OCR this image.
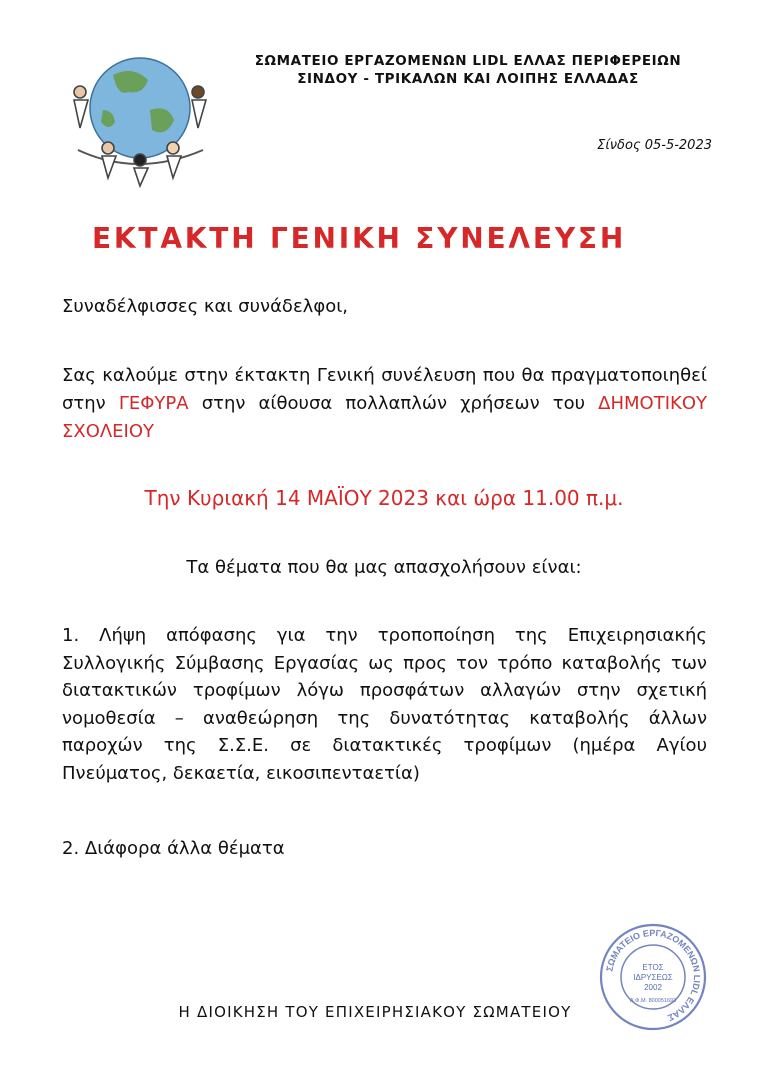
ΣΩΜΑΤΕΙΟ ΕΡΓΑΖΟΜΕΝΩΝ LIDL ΕΛΛΑΣ ΠΕΡΙΦΕΡΕΙΩΝ
ΣΙΝΔΟΥ - ΤΡΙΚΑΛΩΝ ΚΑΙ ΛΟΙΠΗΣ ΕΛΛΑΔΑΣ
Σίνδος 05-5-2023
ΕΚΤΑΚΤΗ ΓΕΝΙΚΗ ΣΥΝΕΛΕΥΣΗ
Συναδέλφισσες και συνάδελφοι,
Σας καλούμε στην έκτακτη Γενική συνέλευση που θα πραγματοποιηθεί στην ΓΕΦΥΡΑ στην αίθουσα πολλαπλών χρήσεων του ΔΗΜΟΤΙΚΟΥ ΣΧΟΛΕΙΟΥ
Την Κυριακή 14 ΜΑΪΟΥ 2023 και ώρα 11.00 π.μ.
Τα θέματα που θα μας απασχολήσουν είναι:
1. Λήψη απόφασης για την τροποποίηση της Επιχειρησιακής Συλλογικής Σύμβασης Εργασίας ως προς τον τρόπο καταβολής των διατακτικών τροφίμων λόγω προσφάτων αλλαγών στην σχετική νομοθεσία – αναθεώρηση της δυνατότητας καταβολής άλλων παροχών της Σ.Σ.Ε. σε διατακτικές τροφίμων (ημέρα Αγίου Πνεύματος, δεκαετία, εικοσιπενταετία)
2. Διάφορα άλλα θέματα
Η ΔΙΟΙΚΗΣΗ ΤΟΥ ΕΠΙΧΕΙΡΗΣΙΑΚΟΥ ΣΩΜΑΤΕΙΟΥ
ΣΩΜΑΤΕΙΟ ΕΡΓΑΖΟΜΕΝΩΝ LIDL ΕΛΛΑΣ
ΕΤΟΣ
ΙΔΡΥΣΕΩΣ
2002
Α.Φ.Μ. 800051693
